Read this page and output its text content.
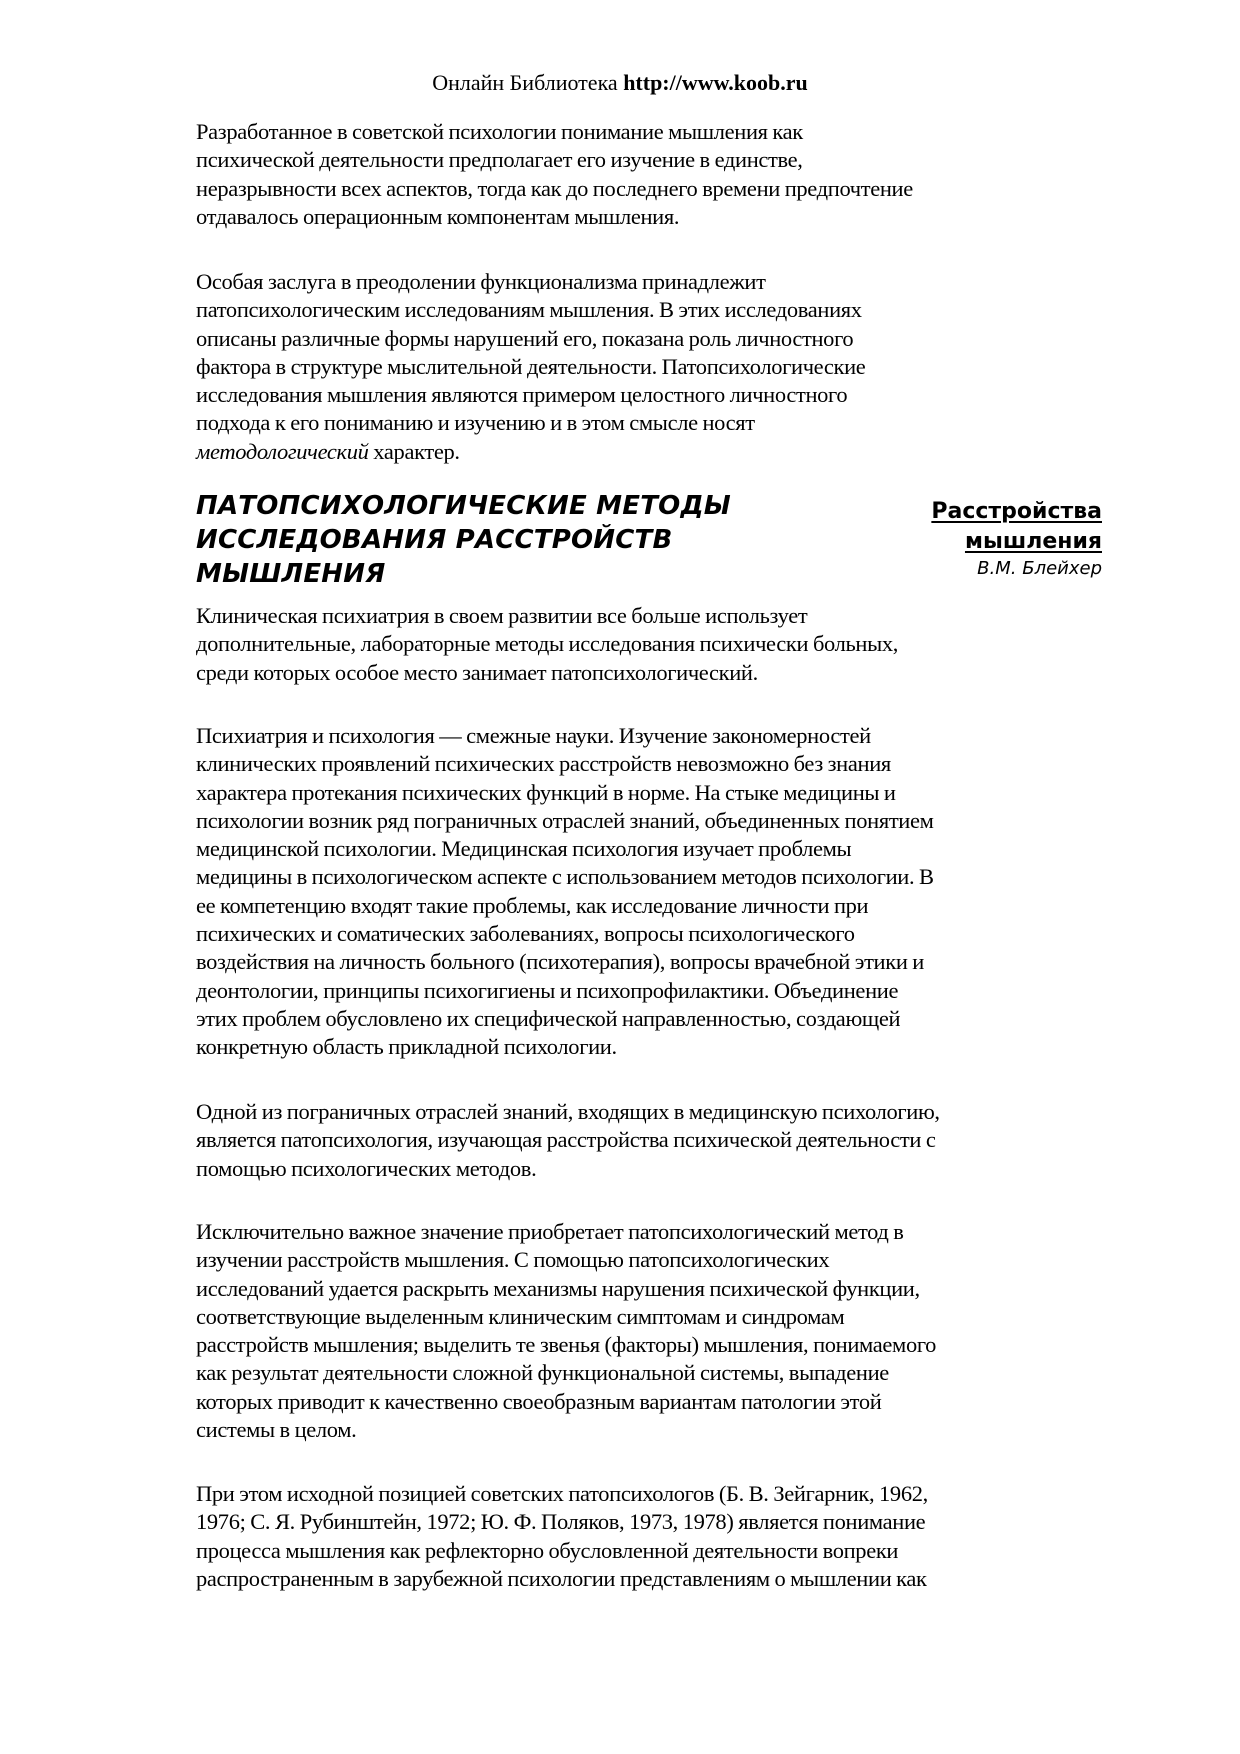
Онлайн Библиотека http://www.koob.ru
Разработанное в советской психологии понимание мышления как
психической деятельности предполагает его изучение в единстве,
неразрывности всех аспектов, тогда как до последнего времени предпочтение
отдавалось операционным компонентам мышления.
Особая заслуга в преодолении функционализма принадлежит
патопсихологическим исследованиям мышления. В этих исследованиях
описаны различные формы нарушений его, показана роль личностного
фактора в структуре мыслительной деятельности. Патопсихологические
исследования мышления являются примером целостного личностного
подхода к его пониманию и изучению и в этом смысле носят
методологический характер.
ПАТОПСИХОЛОГИЧЕСКИЕ МЕТОДЫ
ИССЛЕДОВАНИЯ РАССТРОЙСТВ
МЫШЛЕНИЯ
Расстройства
мышления
В.М. Блейхер
Клиническая психиатрия в своем развитии все больше использует
дополнительные, лабораторные методы исследования психически больных,
среди которых особое место занимает патопсихологический.
Психиатрия и психология — смежные науки. Изучение закономерностей
клинических проявлений психических расстройств невозможно без знания
характера протекания психических функций в норме. На стыке медицины и
психологии возник ряд пограничных отраслей знаний, объединенных понятием
медицинской психологии. Медицинская психология изучает проблемы
медицины в психологическом аспекте с использованием методов психологии. В
ее компетенцию входят такие проблемы, как исследование личности при
психических и соматических заболеваниях, вопросы психологического
воздействия на личность больного (психотерапия), вопросы врачебной этики и
деонтологии, принципы психогигиены и психопрофилактики. Объединение
этих проблем обусловлено их специфической направленностью, создающей
конкретную область прикладной психологии.
Одной из пограничных отраслей знаний, входящих в медицинскую психологию,
является патопсихология, изучающая расстройства психической деятельности с
помощью психологических методов.
Исключительно важное значение приобретает патопсихологический метод в
изучении расстройств мышления. С помощью патопсихологических
исследований удается раскрыть механизмы нарушения психической функции,
соответствующие выделенным клиническим симптомам и синдромам
расстройств мышления; выделить те звенья (факторы) мышления, понимаемого
как результат деятельности сложной функциональной системы, выпадение
которых приводит к качественно своеобразным вариантам патологии этой
системы в целом.
При этом исходной позицией советских патопсихологов (Б. В. Зейгарник, 1962,
1976; С. Я. Рубинштейн, 1972; Ю. Ф. Поляков, 1973, 1978) является понимание
процесса мышления как рефлекторно обусловленной деятельности вопреки
распространенным в зарубежной психологии представлениям о мышлении как
